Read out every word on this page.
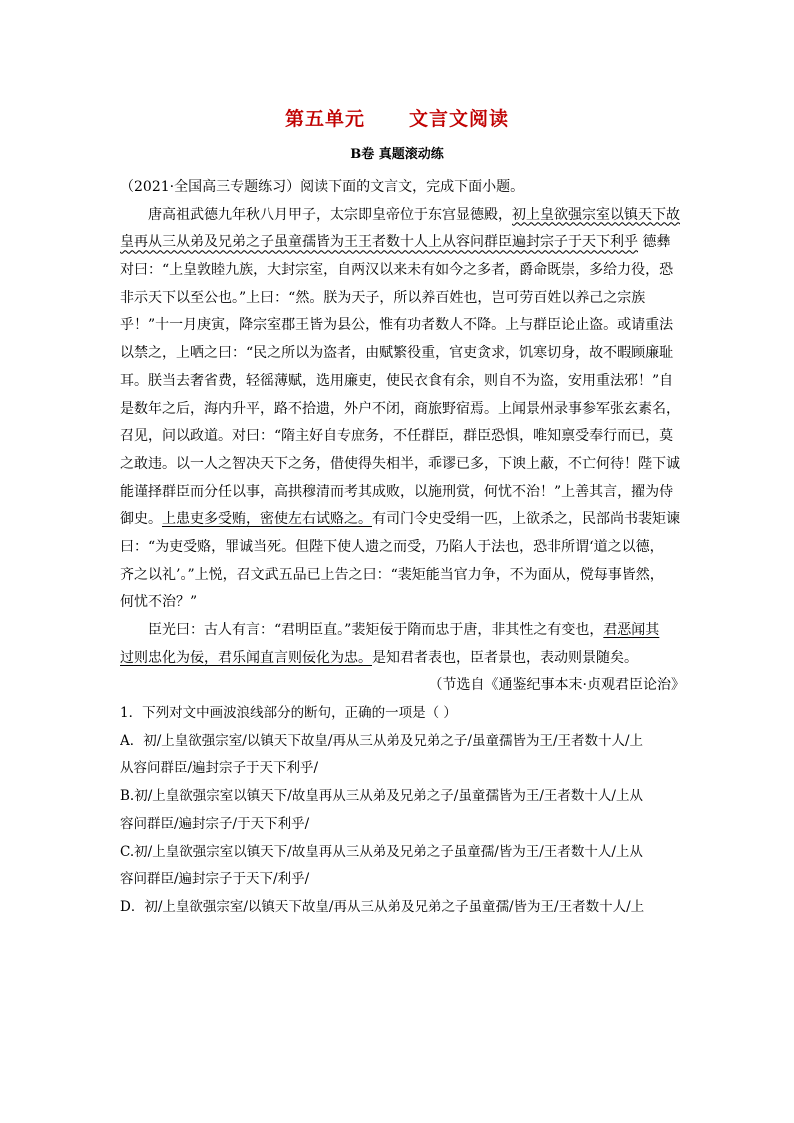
第五单元 文言文阅读
B卷 真题滚动练
（2021·全国高三专题练习）阅读下面的文言文，完成下面小题。
唐高祖武德九年秋八月甲子，太宗即皇帝位于东宫显德殿，初上皇欲强宗室以镇天下故
皇再从三从弟及兄弟之子虽童孺皆为王王者数十人上从容问群臣遍封宗子于天下利乎 德彝
对曰：“上皇敦睦九族，大封宗室，自两汉以来未有如今之多者，爵命既崇，多给力役，恐
非示天下以至公也。”上曰：“然。朕为天子，所以养百姓也，岂可劳百姓以养己之宗族
乎！”十一月庚寅，降宗室郡王皆为县公，惟有功者数人不降。上与群臣论止盗。或请重法
以禁之，上哂之曰：“民之所以为盗者，由赋繁役重，官吏贪求，饥寒切身，故不暇顾廉耻
耳。朕当去奢省费，轻徭薄赋，选用廉吏，使民衣食有余，则自不为盗，安用重法邪！”自
是数年之后，海内升平，路不拾遗，外户不闭，商旅野宿焉。上闻景州录事参军张玄素名，
召见，问以政道。对曰：“隋主好自专庶务，不任群臣，群臣恐惧，唯知禀受奉行而已，莫
之敢违。以一人之智决天下之务，借使得失相半，乖谬已多，下谀上蔽，不亡何待！陛下诚
能谨择群臣而分任以事，高拱穆清而考其成败，以施刑赏，何忧不治！”上善其言，擢为侍
御史。上患吏多受贿，密使左右试赂之。有司门令史受绢一匹，上欲杀之，民部尚书裴矩谏
曰：“为吏受赂，罪诚当死。但陛下使人遗之而受，乃陷人于法也，恐非所谓‘道之以德，
齐之以礼’。”上悦，召文武五品已上告之曰：“裴矩能当官力争，不为面从，傥每事皆然，
何忧不治？”
臣光曰：古人有言：“君明臣直。”裴矩佞于隋而忠于唐，非其性之有变也，君恶闻其
过则忠化为佞，君乐闻直言则佞化为忠。是知君者表也，臣者景也，表动则景随矣。
（节选自《通鉴纪事本末·贞观君臣论治》
1．下列对文中画波浪线部分的断句，正确的一项是（ ）
A．初/上皇欲强宗室/以镇天下故皇/再从三从弟及兄弟之子/虽童孺皆为王/王者数十人/上
从容问群臣/遍封宗子于天下利乎/
B.初/上皇欲强宗室以镇天下/故皇再从三从弟及兄弟之子/虽童孺皆为王/王者数十人/上从
容问群臣/遍封宗子/于天下利乎/
C.初/上皇欲强宗室以镇天下/故皇再从三从弟及兄弟之子虽童孺/皆为王/王者数十人/上从
容问群臣/遍封宗子于天下/利乎/
D．初/上皇欲强宗室/以镇天下故皇/再从三从弟及兄弟之子虽童孺/皆为王/王者数十人/上
